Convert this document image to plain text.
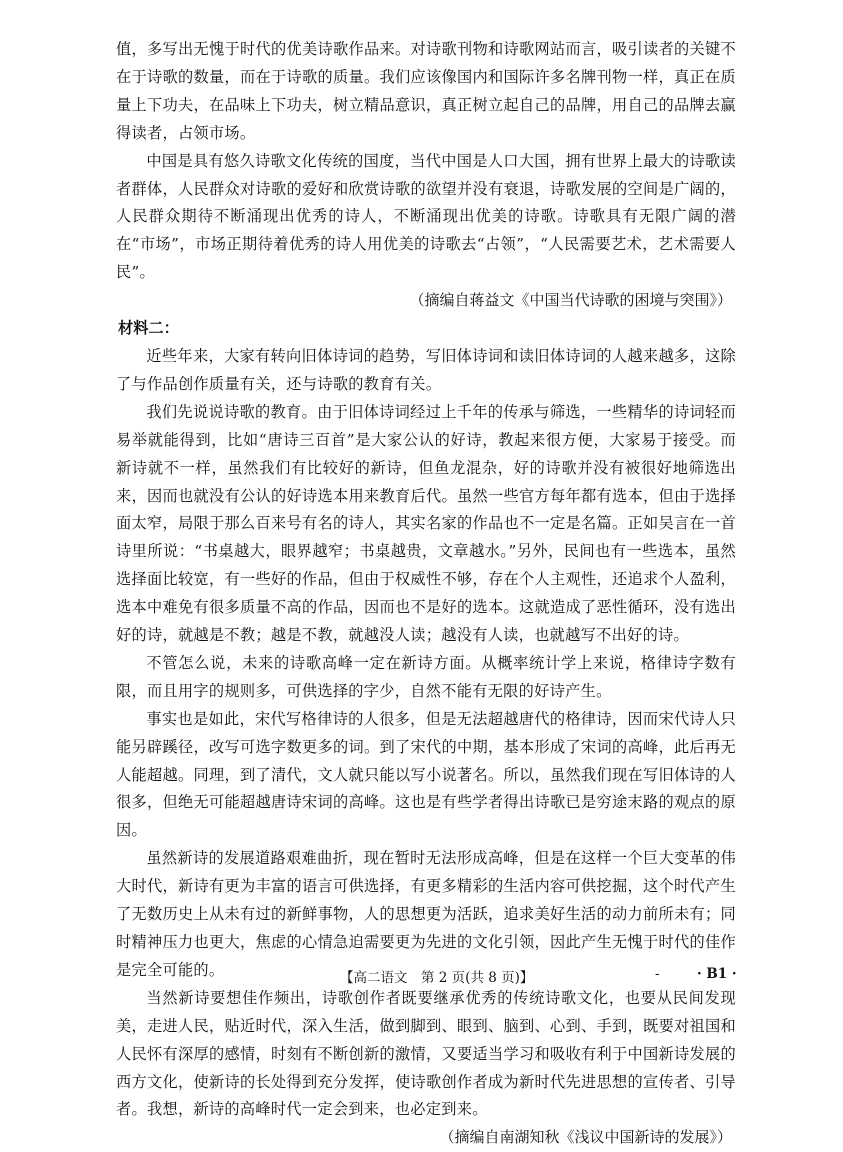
值，多写出无愧于时代的优美诗歌作品来。对诗歌刊物和诗歌网站而言，吸引读者的关键不在于诗歌的数量，而在于诗歌的质量。我们应该像国内和国际许多名牌刊物一样，真正在质量上下功夫，在品味上下功夫，树立精品意识，真正树立起自己的品牌，用自己的品牌去赢得读者，占领市场。

中国是具有悠久诗歌文化传统的国度，当代中国是人口大国，拥有世界上最大的诗歌读者群体，人民群众对诗歌的爱好和欣赏诗歌的欲望并没有衰退，诗歌发展的空间是广阔的，人民群众期待不断涌现出优秀的诗人，不断涌现出优美的诗歌。诗歌具有无限广阔的潜在“市场”，市场正期待着优秀的诗人用优美的诗歌去“占领”，“人民需要艺术，艺术需要人民”。

（摘编自蒋益文《中国当代诗歌的困境与突围》）

材料二：

近些年来，大家有转向旧体诗词的趋势，写旧体诗词和读旧体诗词的人越来越多，这除了与作品创作质量有关，还与诗歌的教育有关。

我们先说说诗歌的教育。由于旧体诗词经过上千年的传承与筛选，一些精华的诗词轻而易举就能得到，比如“唐诗三百首”是大家公认的好诗，教起来很方便，大家易于接受。而新诗就不一样，虽然我们有比较好的新诗，但鱼龙混杂，好的诗歌并没有被很好地筛选出来，因而也就没有公认的好诗选本用来教育后代。虽然一些官方每年都有选本，但由于选择面太窄，局限于那么百来号有名的诗人，其实名家的作品也不一定是名篇。正如吴言在一首诗里所说：“书桌越大，眼界越窄；书桌越贵，文章越水。”另外，民间也有一些选本，虽然选择面比较宽，有一些好的作品，但由于权威性不够，存在个人主观性，还追求个人盈利，选本中难免有很多质量不高的作品，因而也不是好的选本。这就造成了恶性循环，没有选出好的诗，就越是不教；越是不教，就越没人读；越没有人读，也就越写不出好的诗。

不管怎么说，未来的诗歌高峰一定在新诗方面。从概率统计学上来说，格律诗字数有限，而且用字的规则多，可供选择的字少，自然不能有无限的好诗产生。

事实也是如此，宋代写格律诗的人很多，但是无法超越唐代的格律诗，因而宋代诗人只能另辟蹊径，改写可选字数更多的词。到了宋代的中期，基本形成了宋词的高峰，此后再无人能超越。同理，到了清代，文人就只能以写小说著名。所以，虽然我们现在写旧体诗的人很多，但绝无可能超越唐诗宋词的高峰。这也是有些学者得出诗歌已是穷途末路的观点的原因。

虽然新诗的发展道路艰难曲折，现在暂时无法形成高峰，但是在这样一个巨大变革的伟大时代，新诗有更为丰富的语言可供选择，有更多精彩的生活内容可供挖掘，这个时代产生了无数历史上从未有过的新鲜事物，人的思想更为活跃，追求美好生活的动力前所未有；同时精神压力也更大，焦虑的心情急迫需要更为先进的文化引领，因此产生无愧于时代的佳作是完全可能的。

当然新诗要想佳作频出，诗歌创作者既要继承优秀的传统诗歌文化，也要从民间发现美，走进人民，贴近时代，深入生活，做到脚到、眼到、脑到、心到、手到，既要对祖国和人民怀有深厚的感情，时刻有不断创新的激情，又要适当学习和吸收有利于中国新诗发展的西方文化，使新诗的长处得到充分发挥，使诗歌创作者成为新时代先进思想的宣传者、引导者。我想，新诗的高峰时代一定会到来，也必定到来。

（摘编自南湖知秋《浅议中国新诗的发展》）

【高二语文　第 2 页(共 8 页)】	-	· B1 ·
